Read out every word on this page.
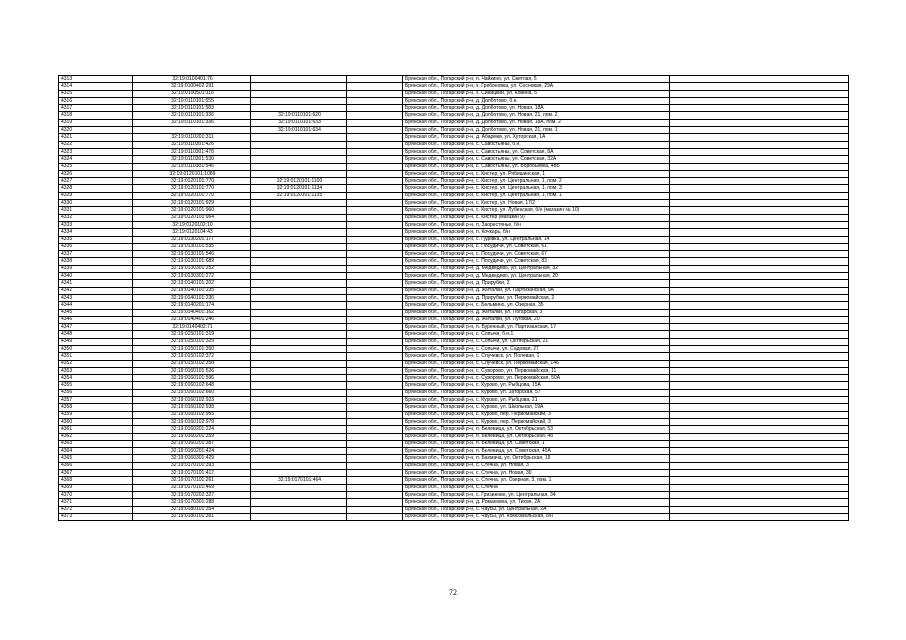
4313	32:19:0100401:76			Брянская обл., Погарский р-н, п. Чайкино, ул. Светлая, 5	
4314	32:19:0100402:291			Брянская обл., Погарский р-н, х. Гребоновка, ул. Сосновая, 29А	
4315	32:19:0100501:116			Брянская обл., Погарский р-н, х. Синицкий, ул. Ковина, 5	
4316	32:19:0110101:555			Брянская обл., Погарский р-н, д. Долботово, б.н.	
4317	32:19:0110101:583			Брянская обл., Погарский р-н, д. Долботово, ул. Новая, 18А	
4318	32:19:0110101:336	32:19:0110101:620		Брянская обл., Погарский р-н, д. Долботово, ул. Новая, 21, пом. 2	
4319	32:19:0110101:336	32:19:0110101:633		Брянская обл., Погарский р-н, д. Долботово, ул. Новая, 18А, пом. 2	
4320		32:19:0110101:634		Брянская обл., Погарский р-н, д. Долботово, ул. Новая, 21, пом. 1	
4321	32:19:0110201:311			Брянская обл., Погарский р-н, д. Абармки, ул. Хуторская, 1А	
4322	32:19:0110301:426			Брянская обл., Погарский р-н, с. Савостьяны, б.н.	
4323	32:19:0110301:478			Брянская обл., Погарский р-н, с. Савостьяны, ул. Советская, 8А	
4324	32:19:0110301:530			Брянская обл., Погарский р-н, с. Савостьяны, ул. Советская, 32А	
4325	32:19:0110301:546			Брянская обл., Погарский р-н, с. Савостьяны, ул. Воробьевка, 48Б	
4326	32:19:0120101:1089			Брянская обл., Погарский р-н, с. Кистер, ул. Рябишинская, 1	
4327	32:19:0120101:770	32:19:0120101:1100		Брянская обл., Погарский р-н, с. Кистер, ул. Центральная, 1, пом. 2	
4328	32:19:0120101:770	32:19:0120101:1134		Брянская обл., Погарский р-н, с. Кистер, ул. Центральная, 1, пом. 3	
4329	32:19:0120101:770	32:19:0120101:1135		Брянская обл., Погарский р-н, с. Кистер, ул. Центральная, 1, пом. 1	
4330	32:19:0120101:929			Брянская обл., Погарский р-н, с. Кистер, ул. Новая, 17/2	
4331	32:19:0120101:960			Брянская обл., Погарский р-н, с. Кистер, ул. Лубенская, б/н (магазин № 10)	
4332	32:19:0120101:964			Брянская обл., Погарский р-н, с. Кистер (магазин 9)	
4333	32:19:0120102:10			Брянская обл., Погарский р-н, п. Заорестянье, б/н	
4334	32:19:0120104:43			Брянская обл., Погарский р-н, п. Кочкарь, б/н	
4335	32:19:0130201:177			Брянская обл., Погарский р-н, с. Гудовка, ул. Центральная, 14	
4336	32:19:0130101:535			Брянская обл., Погарский р-н, с. Посудичи, ул. Советская, 61	
4337	32:19:0130101:546			Брянская обл., Погарский р-н, с. Посудичи, ул. Советская, 67	
4338	32:19:0130101:689			Брянская обл., Погарский р-н, с. Посудичи, ул. Советская, 83	
4339	32:19:0130301:252			Брянская обл., Погарский р-н, д. Медведево, ул. Центральная, 32	
4340	32:19:0130301:272			Брянская обл., Погарский р-н, д. Медведево, ул. Центральная, 20	
4341	32:19:0140101:202			Брянская обл., Погарский р-н, д. Прирубки, 2	
4342	32:19:0140101:235			Брянская обл., Погарский р-н, д. Житалки, ул. Партизанская, 9А	
4343	32:19:0140101:236			Брянская обл., Погарский р-н, д. Прирубки, ул. Первомайская, 2	
4344	32:19:0140201:174			Брянская обл., Погарский р-н, с. Бельмино, ул. Озерная, 35	
4345	32:19:0140401:162			Брянская обл., Погарский р-н, д. Житалки, ул. Погарская, 3	
4346	32:19:0140401:246			Брянская обл., Погарский р-н, д. Житалки, ул. Луговая, 20	
4347	32:19:0140402:71			Брянская обл., Погарский р-н, п. Буренный, ул. Партизанская, 17	
4348	32:19:0150101:319			Брянская обл., Погарский р-н, с. Сопычи, б.н.1	
4349	32:19:0150101:329			Брянская обл., Погарский р-н, с. Сопычи, ул. Октябрьская, 21	
4350	32:19:0150101:350			Брянская обл., Погарский р-н, с. Сопычи, ул. Садовая, 27	
4351	32:19:0150102:372			Брянская обл., Погарский р-н, с. Случевск, ул. Полевая, 1	
4352	32:19:0150102:358			Брянская обл., Погарский р-н, с. Случевск, ул. Первомайская, 146	
4353	32:19:0160101:526			Брянская обл., Погарский р-н, с. Суворово, ул. Первомайская, 11	
4354	32:19:0160101:596			Брянская обл., Погарский р-н, с. Суворово, ул. Первомайская, 50А	
4355	32:19:0160102:648			Брянская обл., Погарский р-н, с. Курово, ул. Рыбцова, 15А	
4356	32:19:0160102:660			Брянская обл., Погарский р-н, с. Курово, ул. Заторская, 57	
4357	32:19:0160102:923			Брянская обл., Погарский р-н, с. Курово, ул. Рыбцова, 21	
4358	32:19:0160102:938			Брянская обл., Погарский р-н, с. Курово, ул. Школьная, 19А	
4359	32:19:0160102:955			Брянская обл., Погарский р-н, с. Курово, пер. Первомайский, 3	
4360	32:19:0160102:979			Брянская обл., Погарский р-н, с. Курово, пер. Первомайский, 3	
4361	32:19:0160201:224			Брянская обл., Погарский р-н, п. Белевица, ул. Октябрьская, 53	
4362	32:19:0160201:359			Брянская обл., Погарский р-н, п. Белевица, ул. Октябрьская, 48	
4363	32:19:0160201:387			Брянская обл., Погарский р-н, п. Белевица, ул. Советская, 1	
4364	32:19:0160201:424			Брянская обл., Погарский р-н, п. Белевица, ул. Советская, 40А	
4365	32:19:0160301:429			Брянская обл., Погарский р-н, п. Бахмача, ул. Октябрьская, 19	
4366	32:19:0170101:393			Брянская обл., Погарский р-н, с. Стечна, ул. Новая, 3	
4367	32:19:0170101:417			Брянская обл., Погарский р-н, с. Стечна, ул. Новая, 30	
4368	32:19:0170101:261	32:19:0170101:464		Брянская обл., Погарский р-н, с. Стечна, ул. Озерная, 3, пом. 1	
4369	32:19:0170101:469			Брянская обл., Погарский р-н, с. Стечна	
4370	32:19:0170202:327			Брянская обл., Погарский р-н, с. Гриэиново, ул. Центральная, 34	
4371	32:19:0170301:288			Брянская обл., Погарский р-н, д. Романовка, ул. Тихая, 2А	
4372	32:19:0180101:354			Брянская обл., Погарский р-н, с. Чаусы, ул. Центральная, 2А	
4373	32:19:0180101:381			Брянская обл., Погарский р-н, с. Чаусы, ул. Комсомольская, б/н	
72
